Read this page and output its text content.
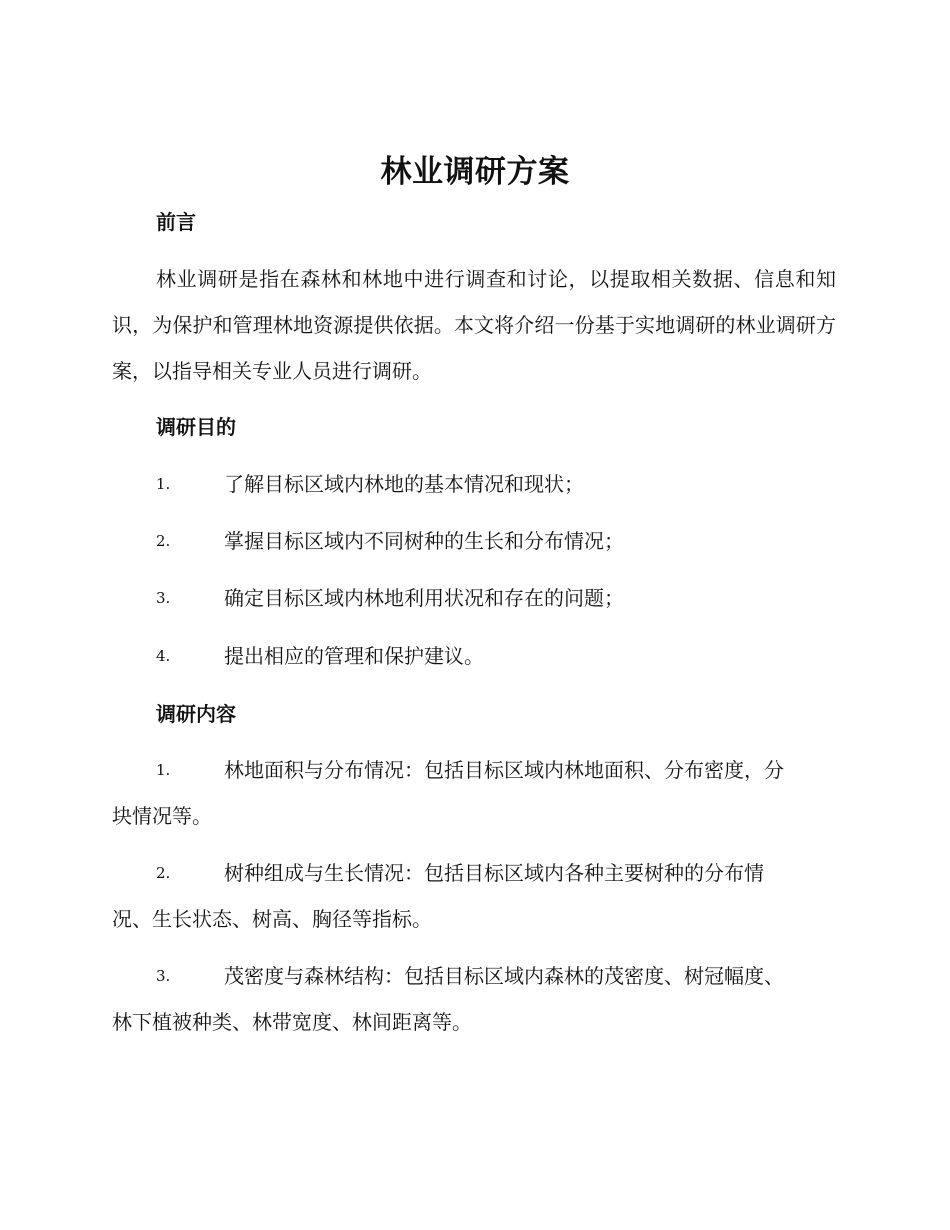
林业调研方案
前言
林业调研是指在森林和林地中进行调查和讨论，以提取相关数据、信息和知识，为保护和管理林地资源提供依据。本文将介绍一份基于实地调研的林业调研方案，以指导相关专业人员进行调研。
调研目的
1.	了解目标区域内林地的基本情况和现状；
2.	掌握目标区域内不同树种的生长和分布情况；
3.	确定目标区域内林地利用状况和存在的问题；
4.	提出相应的管理和保护建议。
调研内容
1.	林地面积与分布情况：包括目标区域内林地面积、分布密度，分
块情况等。
2.	树种组成与生长情况：包括目标区域内各种主要树种的分布情
况、生长状态、树高、胸径等指标。
3.	茂密度与森林结构：包括目标区域内森林的茂密度、树冠幅度、
林下植被种类、林带宽度、林间距离等。
